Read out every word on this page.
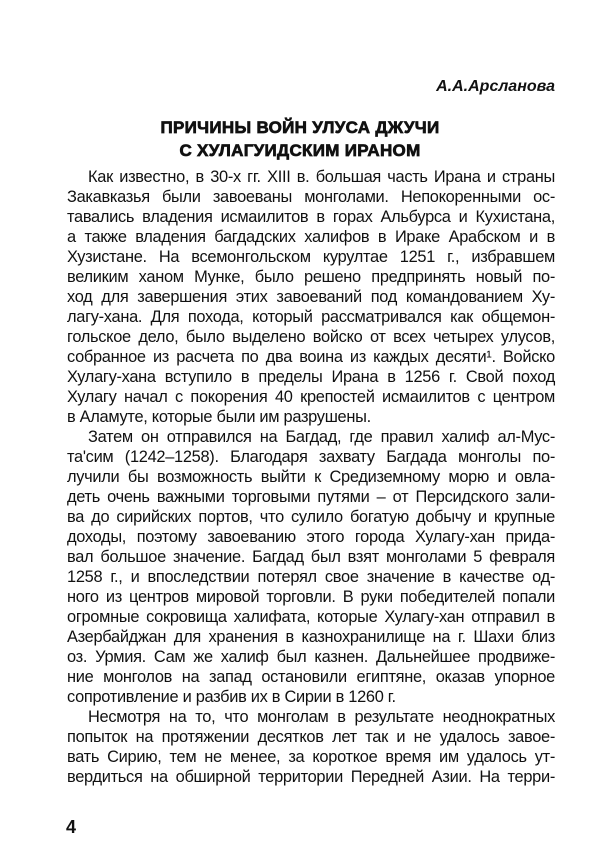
А.А.Арсланова
ПРИЧИНЫ ВОЙН УЛУСА ДЖУЧИ
С ХУЛАГУИДСКИМ ИРАНОМ
Как известно, в 30-х гг. XIII в. большая часть Ирана и страны
Закавказья были завоеваны монголами. Непокоренными ос-
тавались владения исмаилитов в горах Альбурса и Кухистана,
а также владения багдадских халифов в Ираке Арабском и в
Хузистане. На всемонгольском курултае 1251 г., избравшем
великим ханом Мунке, было решено предпринять новый по-
ход для завершения этих завоеваний под командованием Ху-
лагу-хана. Для похода, который рассматривался как общемон-
гольское дело, было выделено войско от всех четырех улусов,
собранное из расчета по два воина из каждых десяти¹. Войско
Хулагу-хана вступило в пределы Ирана в 1256 г. Свой поход
Хулагу начал с покорения 40 крепостей исмаилитов с центром
в Аламуте, которые были им разрушены.
Затем он отправился на Багдад, где правил халиф ал-Мус-
та'сим (1242–1258). Благодаря захвату Багдада монголы по-
лучили бы возможность выйти к Средиземному морю и овла-
деть очень важными торговыми путями – от Персидского зали-
ва до сирийских портов, что сулило богатую добычу и крупные
доходы, поэтому завоеванию этого города Хулагу-хан прида-
вал большое значение. Багдад был взят монголами 5 февраля
1258 г., и впоследствии потерял свое значение в качестве од-
ного из центров мировой торговли. В руки победителей попали
огромные сокровища халифата, которые Хулагу-хан отправил в
Азербайджан для хранения в казнохранилище на г. Шахи близ
оз. Урмия. Сам же халиф был казнен. Дальнейшее продвиже-
ние монголов на запад остановили египтяне, оказав упорное
сопротивление и разбив их в Сирии в 1260 г.
Несмотря на то, что монголам в результате неоднократных
попыток на протяжении десятков лет так и не удалось завое-
вать Сирию, тем не менее, за короткое время им удалось ут-
вердиться на обширной территории Передней Азии. На терри-
4
